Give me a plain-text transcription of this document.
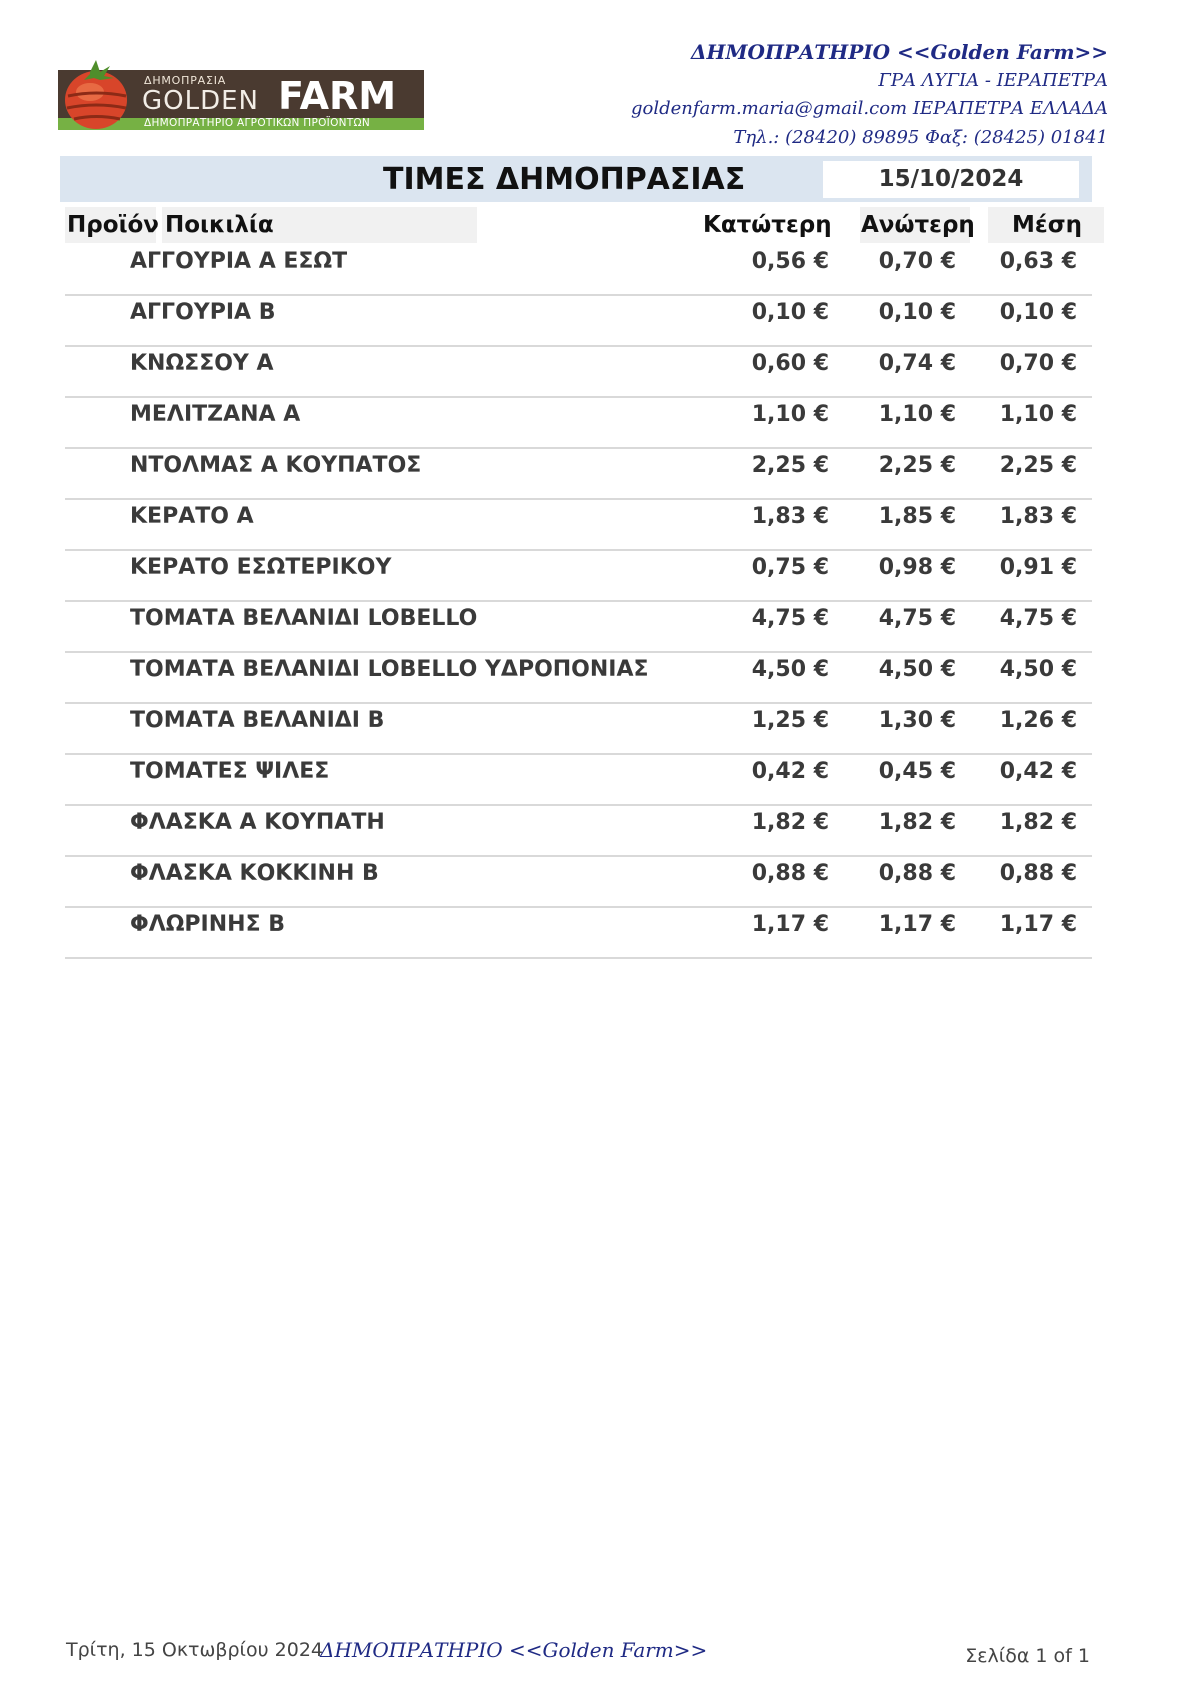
ΔΗΜΟΠΡΑΣΙΑ
GOLDEN FARM
ΔΗΜΟΠΡΑΤΗΡΙΟ ΑΓΡΟΤΙΚΩΝ ΠΡΟΪΟΝΤΩΝ
ΔΗΜΟΠΡΑΤΗΡΙΟ <<Golden Farm>>
ΓΡΑ ΛΥΓΙΑ - ΙΕΡΑΠΕΤΡΑ
goldenfarm.maria@gmail.com ΙΕΡΑΠΕΤΡΑ ΕΛΛΑΔΑ
Τηλ.: (28420) 89895 Φαξ: (28425) 01841
ΤΙΜΕΣ ΔΗΜΟΠΡΑΣΙΑΣ	15/10/2024
Προϊόν Ποικιλία	Κατώτερη Ανώτερη Μέση
ΑΓΓΟΥΡΙΑ Α ΕΣΩΤ	0,56 € 0,70 € 0,63 €
ΑΓΓΟΥΡΙΑ Β	0,10 € 0,10 € 0,10 €
ΚΝΩΣΣΟΥ Α	0,60 € 0,74 € 0,70 €
ΜΕΛΙΤΖΑΝΑ Α	1,10 € 1,10 € 1,10 €
ΝΤΟΛΜΑΣ Α ΚΟΥΠΑΤΟΣ	2,25 € 2,25 € 2,25 €
ΚΕΡΑΤΟ Α	1,83 € 1,85 € 1,83 €
ΚΕΡΑΤΟ ΕΣΩΤΕΡΙΚΟΥ	0,75 € 0,98 € 0,91 €
ΤΟΜΑΤΑ ΒΕΛΑΝΙΔΙ LOBELLO	4,75 € 4,75 € 4,75 €
ΤΟΜΑΤΑ ΒΕΛΑΝΙΔΙ LOBELLO ΥΔΡΟΠΟΝΙΑΣ	4,50 € 4,50 € 4,50 €
ΤΟΜΑΤΑ ΒΕΛΑΝΙΔΙ Β	1,25 € 1,30 € 1,26 €
ΤΟΜΑΤΕΣ ΨΙΛΕΣ	0,42 € 0,45 € 0,42 €
ΦΛΑΣΚΑ Α ΚΟΥΠΑΤΗ	1,82 € 1,82 € 1,82 €
ΦΛΑΣΚΑ ΚΟΚΚΙΝΗ Β	0,88 € 0,88 € 0,88 €
ΦΛΩΡΙΝΗΣ Β	1,17 € 1,17 € 1,17 €
Τρίτη, 15 Οκτωβρίου 2024
ΔΗΜΟΠΡΑΤΗΡΙΟ <<Golden Farm>>	Σελίδα 1 of 1
